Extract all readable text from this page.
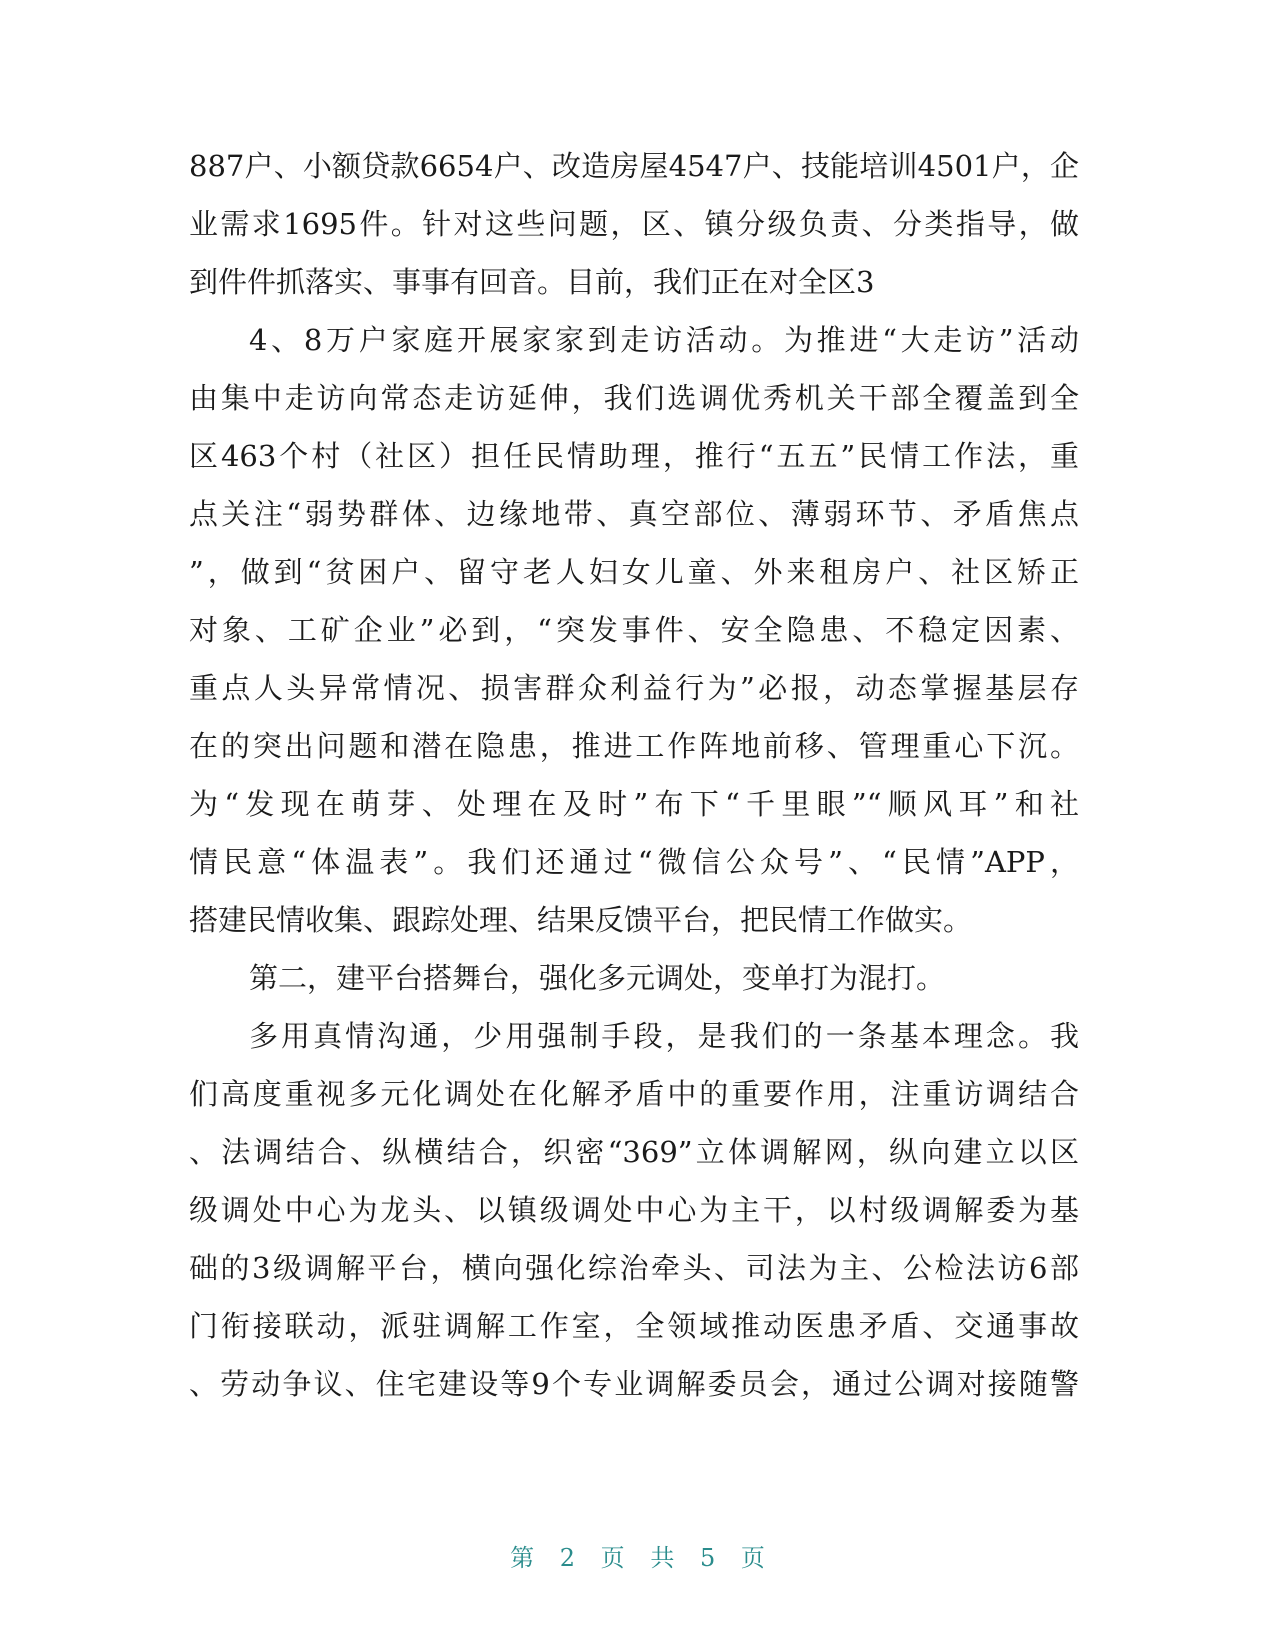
887户、小额贷款6654户、改造房屋4547户、技能培训4501户，企
业需求1695件。针对这些问题，区、镇分级负责、分类指导，做
到件件抓落实、事事有回音。目前，我们正在对全区3
4、8万户家庭开展家家到走访活动。为推进“大走访”活动
由集中走访向常态走访延伸，我们选调优秀机关干部全覆盖到全
区463个村（社区）担任民情助理，推行“五五”民情工作法，重
点关注“弱势群体、边缘地带、真空部位、薄弱环节、矛盾焦点
”，做到“贫困户、留守老人妇女儿童、外来租房户、社区矫正
对象、工矿企业”必到，“突发事件、安全隐患、不稳定因素、
重点人头异常情况、损害群众利益行为”必报，动态掌握基层存
在的突出问题和潜在隐患，推进工作阵地前移、管理重心下沉。
为“发现在萌芽、处理在及时”布下“千里眼”“顺风耳”和社
情民意“体温表”。我们还通过“微信公众号”、“民情”APP，
搭建民情收集、跟踪处理、结果反馈平台，把民情工作做实。
第二，建平台搭舞台，强化多元调处，变单打为混打。
多用真情沟通，少用强制手段，是我们的一条基本理念。我
们高度重视多元化调处在化解矛盾中的重要作用，注重访调结合
、法调结合、纵横结合，织密“369”立体调解网，纵向建立以区
级调处中心为龙头、以镇级调处中心为主干，以村级调解委为基
础的3级调解平台，横向强化综治牵头、司法为主、公检法访6部
门衔接联动，派驻调解工作室，全领域推动医患矛盾、交通事故
、劳动争议、住宅建设等9个专业调解委员会，通过公调对接随警
第 2 页 共 5 页
